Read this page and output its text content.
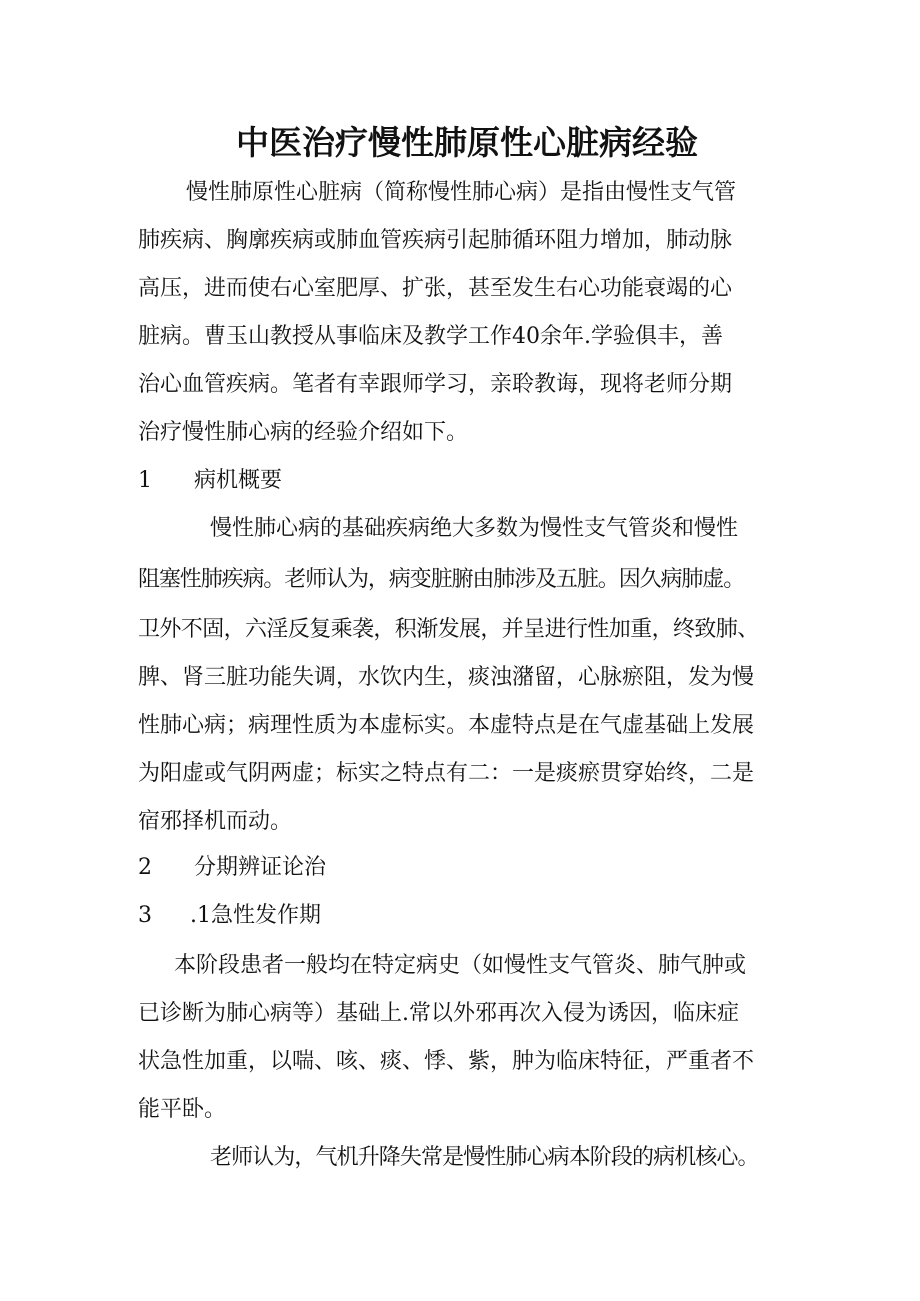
中医治疗慢性肺原性心脏病经验
慢性肺原性心脏病（简称慢性肺心病）是指由慢性支气管
肺疾病、胸廓疾病或肺血管疾病引起肺循环阻力增加，肺动脉
高压，进而使右心室肥厚、扩张，甚至发生右心功能衰竭的心
脏病。曹玉山教授从事临床及教学工作40余年.学验俱丰，善
治心血管疾病。笔者有幸跟师学习，亲聆教诲，现将老师分期
治疗慢性肺心病的经验介绍如下。
1 病机概要
慢性肺心病的基础疾病绝大多数为慢性支气管炎和慢性
阻塞性肺疾病。老师认为，病变脏腑由肺涉及五脏。因久病肺虚。
卫外不固，六淫反复乘袭，积渐发展，并呈进行性加重，终致肺、
脾、肾三脏功能失调，水饮内生，痰浊潴留，心脉瘀阻，发为慢
性肺心病；病理性质为本虚标实。本虚特点是在气虚基础上发展
为阳虚或气阴两虚；标实之特点有二：一是痰瘀贯穿始终，二是
宿邪择机而动。
2 分期辨证论治
3 .1急性发作期
本阶段患者一般均在特定病史（如慢性支气管炎、肺气肿或
已诊断为肺心病等）基础上.常以外邪再次入侵为诱因，临床症
状急性加重，以喘、咳、痰、悸、紫，肿为临床特征，严重者不
能平卧。
老师认为，气机升降失常是慢性肺心病本阶段的病机核心。
